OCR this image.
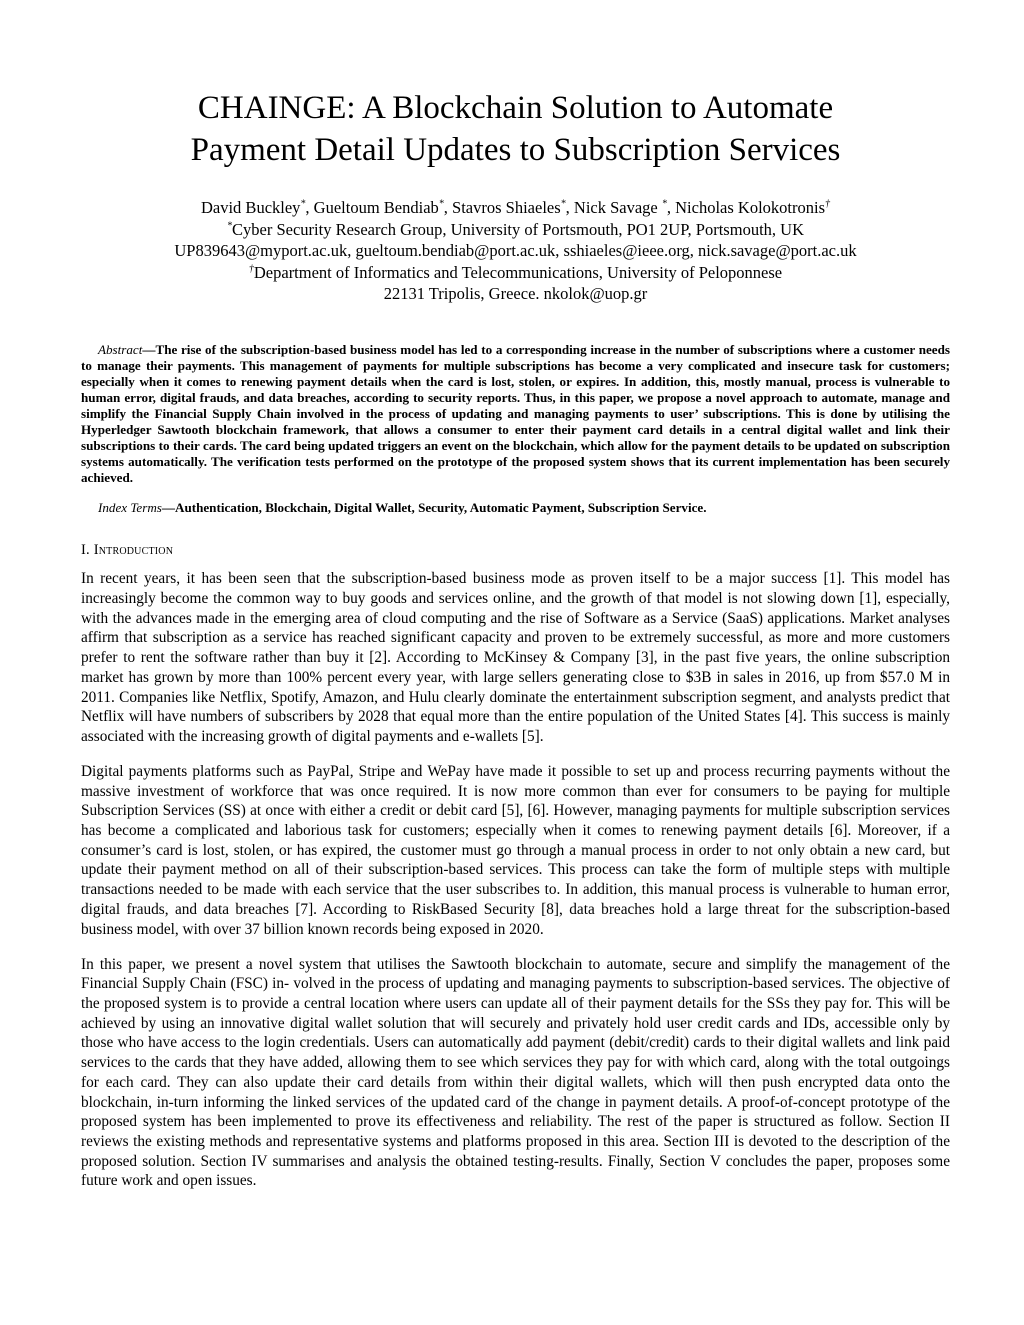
CHAINGE: A Blockchain Solution to Automate
Payment Detail Updates to Subscription Services
David Buckley*, Gueltoum Bendiab*, Stavros Shiaeles*, Nick Savage *, Nicholas Kolokotronis†
*Cyber Security Research Group, University of Portsmouth, PO1 2UP, Portsmouth, UK
UP839643@myport.ac.uk, gueltoum.bendiab@port.ac.uk, sshiaeles@ieee.org, nick.savage@port.ac.uk
†Department of Informatics and Telecommunications, University of Peloponnese
22131 Tripolis, Greece. nkolok@uop.gr
Abstract—The rise of the subscription-based business model has led to a corresponding increase in the number of subscriptions where a customer needs to manage their payments. This management of payments for multiple subscriptions has become a very complicated and insecure task for customers; especially when it comes to renewing payment details when the card is lost, stolen, or expires. In addition, this, mostly manual, process is vulnerable to human error, digital frauds, and data breaches, according to security reports. Thus, in this paper, we propose a novel approach to automate, manage and simplify the Financial Supply Chain involved in the process of updating and managing payments to user’ subscriptions. This is done by utilising the Hyperledger Sawtooth blockchain framework, that allows a consumer to enter their payment card details in a central digital wallet and link their subscriptions to their cards. The card being updated triggers an event on the blockchain, which allow for the payment details to be updated on subscription systems automatically. The verification tests performed on the prototype of the proposed system shows that its current implementation has been securely achieved.
Index Terms—Authentication, Blockchain, Digital Wallet, Security, Automatic Payment, Subscription Service.
I. Introduction

In recent years, it has been seen that the subscription-based business mode as proven itself to be a major success [1]. This model has increasingly become the common way to buy goods and services online, and the growth of that model is not slowing down [1], especially, with the advances made in the emerging area of cloud computing and the rise of Software as a Service (SaaS) applications. Market analyses affirm that subscription as a service has reached significant capacity and proven to be extremely successful, as more and more customers prefer to rent the software rather than buy it [2]. According to McKinsey & Company [3], in the past five years, the online subscription market has grown by more than 100% percent every year, with large sellers generating close to $3B in sales in 2016, up from $57.0 M in 2011. Companies like Netflix, Spotify, Amazon, and Hulu clearly dominate the entertainment subscription segment, and analysts predict that Netflix will have numbers of subscribers by 2028 that equal more than the entire population of the United States [4]. This success is mainly associated with the increasing growth of digital payments and e-wallets [5].

Digital payments platforms such as PayPal, Stripe and WePay have made it possible to set up and process recurring payments without the massive investment of workforce that was once required. It is now more common than ever for consumers to be paying for multiple Subscription Services (SS) at once with either a credit or debit card [5], [6]. However, managing payments for multiple subscription services has become a complicated and laborious task for customers; especially when it comes to renewing payment details [6]. Moreover, if a consumer’s card is lost, stolen, or has expired, the customer must go through a manual process in order to not only obtain a new card, but update their payment method on all of their subscription-based services. This process can take the form of multiple steps with multiple transactions needed to be made with each service that the user subscribes to. In addition, this manual process is vulnerable to human error, digital frauds, and data breaches [7]. According to RiskBased Security [8], data breaches hold a large threat for the subscription-based business model, with over 37 billion known records being exposed in 2020.

In this paper, we present a novel system that utilises the Sawtooth blockchain to automate, secure and simplify the management of the Financial Supply Chain (FSC) in- volved in the process of updating and managing payments to subscription-based services. The objective of the proposed system is to provide a central location where users can update all of their payment details for the SSs they pay for. This will be achieved by using an innovative digital wallet solution that will securely and privately hold user credit cards and IDs, accessible only by those who have access to the login credentials. Users can automatically add payment (debit/credit) cards to their digital wallets and link paid services to the cards that they have added, allowing them to see which services they pay for with which card, along with the total outgoings for each card. They can also update their card details from within their digital wallets, which will then push encrypted data onto the blockchain, in-turn informing the linked services of the updated card of the change in payment details. A proof-of-concept prototype of the proposed system has been implemented to prove its effectiveness and reliability. The rest of the paper is structured as follow. Section II reviews the existing methods and representative systems and platforms proposed in this area. Section III is devoted to the description of the proposed solution. Section IV summarises and analysis the obtained testing-results. Finally, Section V concludes the paper, proposes some future work and open issues.
